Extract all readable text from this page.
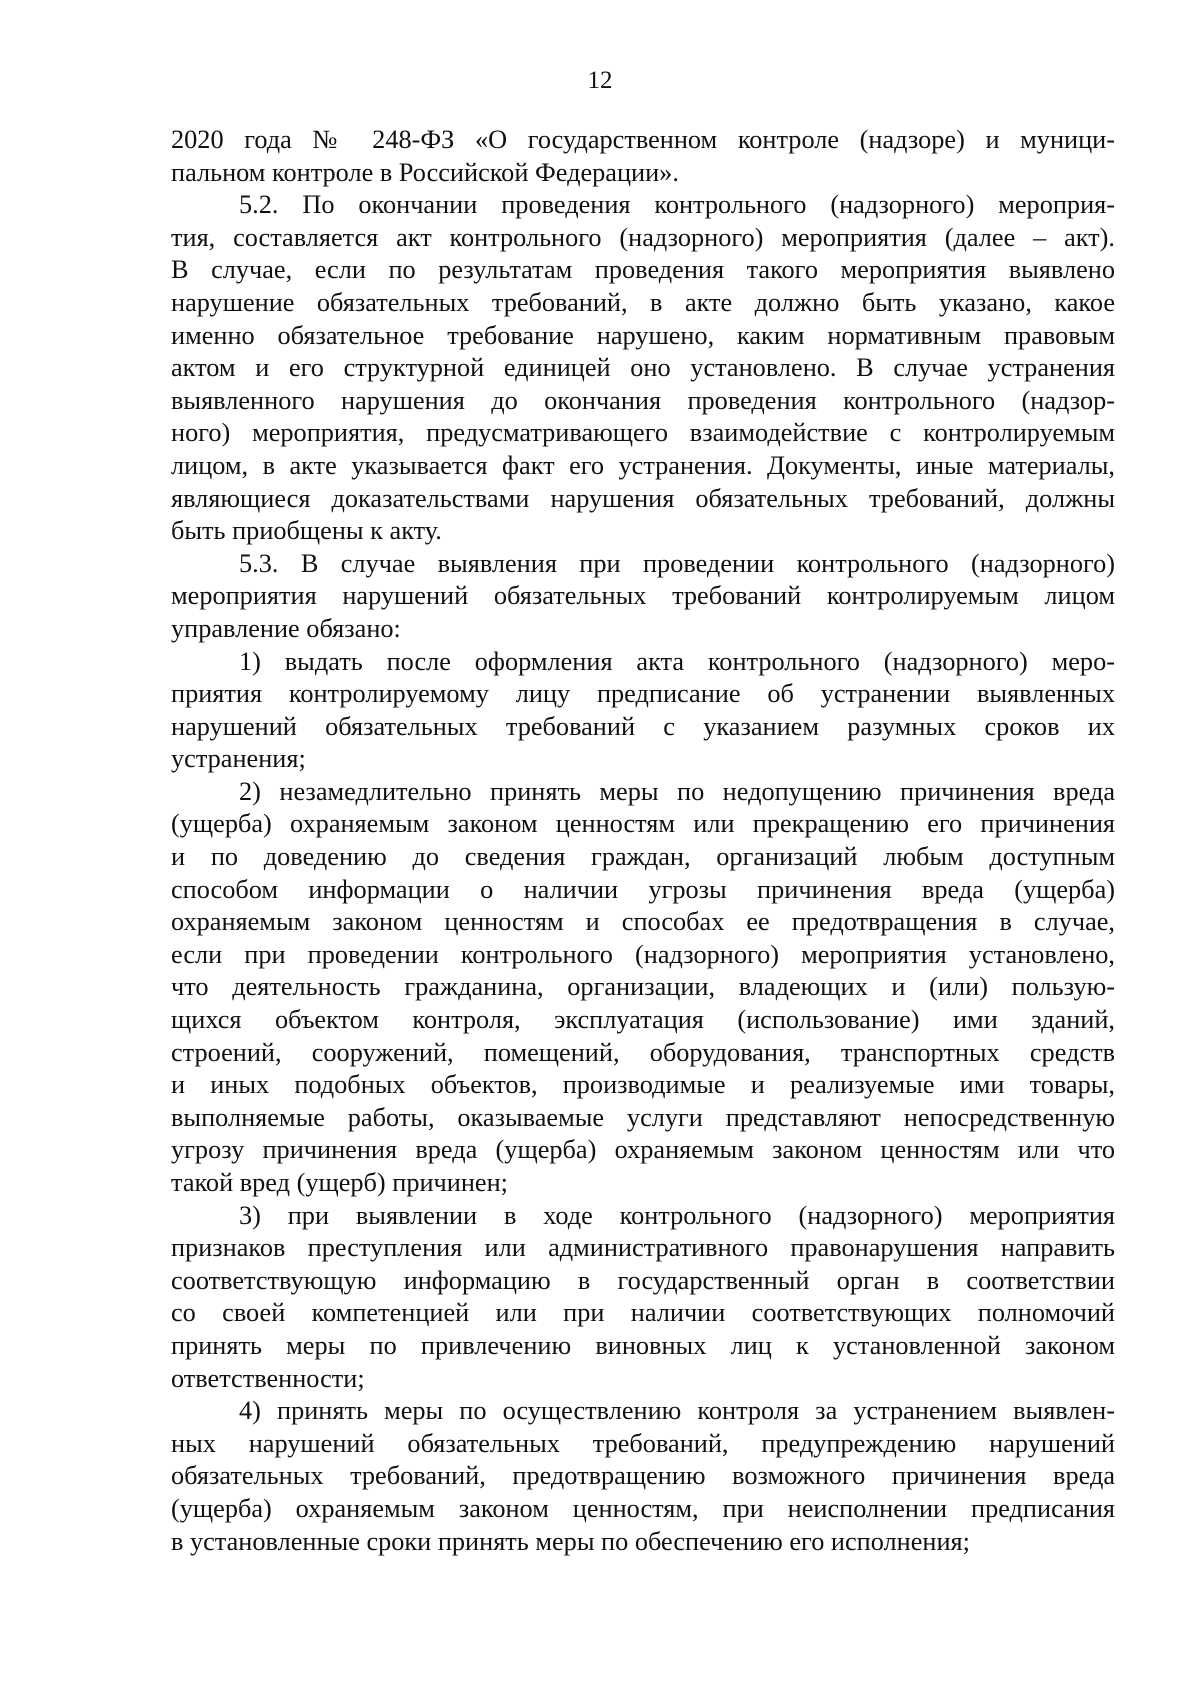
12
2020 года № 248-ФЗ «О государственном контроле (надзоре) и муници-
пальном контроле в Российской Федерации».
5.2. По окончании проведения контрольного (надзорного) мероприя-
тия, составляется акт контрольного (надзорного) мероприятия (далее – акт).
В случае, если по результатам проведения такого мероприятия выявлено
нарушение обязательных требований, в акте должно быть указано, какое
именно обязательное требование нарушено, каким нормативным правовым
актом и его структурной единицей оно установлено. В случае устранения
выявленного нарушения до окончания проведения контрольного (надзор-
ного) мероприятия, предусматривающего взаимодействие с контролируемым
лицом, в акте указывается факт его устранения. Документы, иные материалы,
являющиеся доказательствами нарушения обязательных требований, должны
быть приобщены к акту.
5.3. В случае выявления при проведении контрольного (надзорного)
мероприятия нарушений обязательных требований контролируемым лицом
управление обязано:
1) выдать после оформления акта контрольного (надзорного) меро-
приятия контролируемому лицу предписание об устранении выявленных
нарушений обязательных требований с указанием разумных сроков их
устранения;
2) незамедлительно принять меры по недопущению причинения вреда
(ущерба) охраняемым законом ценностям или прекращению его причинения
и по доведению до сведения граждан, организаций любым доступным
способом информации о наличии угрозы причинения вреда (ущерба)
охраняемым законом ценностям и способах ее предотвращения в случае,
если при проведении контрольного (надзорного) мероприятия установлено,
что деятельность гражданина, организации, владеющих и (или) пользую-
щихся объектом контроля, эксплуатация (использование) ими зданий,
строений, сооружений, помещений, оборудования, транспортных средств
и иных подобных объектов, производимые и реализуемые ими товары,
выполняемые работы, оказываемые услуги представляют непосредственную
угрозу причинения вреда (ущерба) охраняемым законом ценностям или что
такой вред (ущерб) причинен;
3) при выявлении в ходе контрольного (надзорного) мероприятия
признаков преступления или административного правонарушения направить
соответствующую информацию в государственный орган в соответствии
со своей компетенцией или при наличии соответствующих полномочий
принять меры по привлечению виновных лиц к установленной законом
ответственности;
4) принять меры по осуществлению контроля за устранением выявлен-
ных нарушений обязательных требований, предупреждению нарушений
обязательных требований, предотвращению возможного причинения вреда
(ущерба) охраняемым законом ценностям, при неисполнении предписания
в установленные сроки принять меры по обеспечению его исполнения;
